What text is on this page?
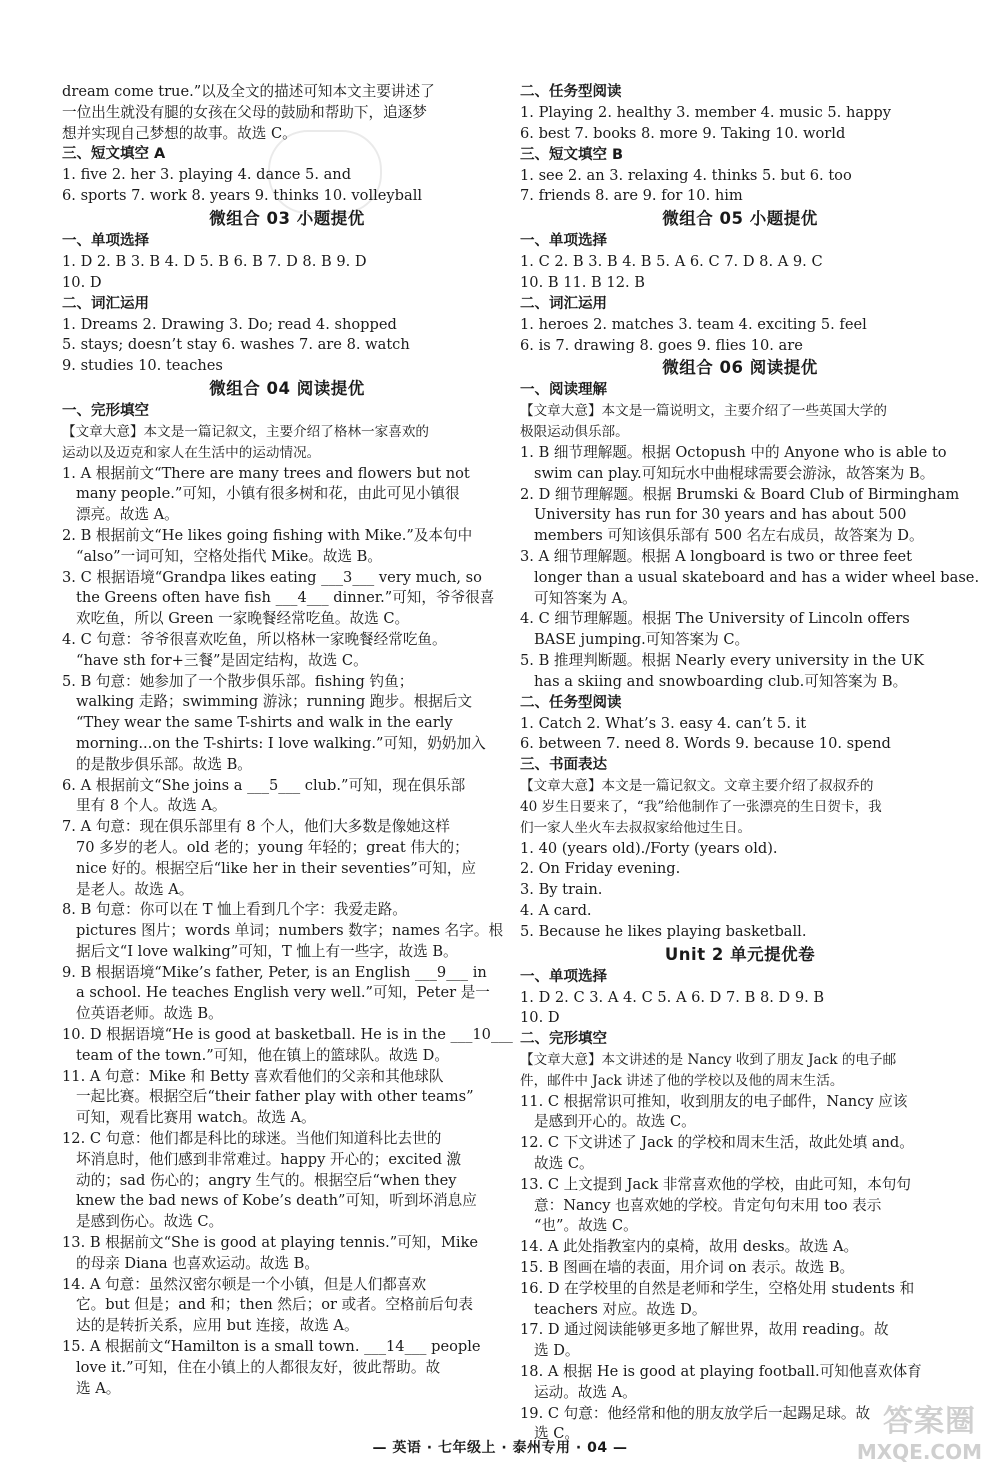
dream come true.”以及全文的描述可知本文主要讲述了
一位出生就没有腿的女孩在父母的鼓励和帮助下，追逐梦
想并实现自己梦想的故事。故选 C。
三、短文填空 A
1. five 2. her 3. playing 4. dance 5. and
6. sports 7. work 8. years 9. thinks 10. volleyball
微组合 03 小题提优
一、单项选择
1. D 2. B 3. B 4. D 5. B 6. B 7. D 8. B 9. D
10. D
二、词汇运用
1. Dreams 2. Drawing 3. Do; read 4. shopped
5. stays; doesn’t stay 6. washes 7. are 8. watch
9. studies 10. teaches
微组合 04 阅读提优
一、完形填空
【文章大意】本文是一篇记叙文，主要介绍了格林一家喜欢的
运动以及迈克和家人在生活中的运动情况。
1. A 根据前文“There are many trees and flowers but not
many people.”可知，小镇有很多树和花，由此可见小镇很
漂亮。故选 A。
2. B 根据前文“He likes going fishing with Mike.”及本句中
“also”一词可知，空格处指代 Mike。故选 B。
3. C 根据语境“Grandpa likes eating ___3___ very much, so
the Greens often have fish ___4___ dinner.”可知，爷爷很喜
欢吃鱼，所以 Green 一家晚餐经常吃鱼。故选 C。
4. C 句意：爷爷很喜欢吃鱼，所以格林一家晚餐经常吃鱼。
“have sth for+三餐”是固定结构，故选 C。
5. B 句意：她参加了一个散步俱乐部。fishing 钓鱼；
walking 走路；swimming 游泳；running 跑步。根据后文
“They wear the same T-shirts and walk in the early
morning...on the T-shirts: I love walking.”可知，奶奶加入
的是散步俱乐部。故选 B。
6. A 根据前文“She joins a ___5___ club.”可知，现在俱乐部
里有 8 个人。故选 A。
7. A 句意：现在俱乐部里有 8 个人，他们大多数是像她这样
70 多岁的老人。old 老的；young 年轻的；great 伟大的；
nice 好的。根据空后“like her in their seventies”可知，应
是老人。故选 A。
8. B 句意：你可以在 T 恤上看到几个字：我爱走路。
pictures 图片；words 单词；numbers 数字；names 名字。根
据后文“I love walking”可知，T 恤上有一些字，故选 B。
9. B 根据语境“Mike’s father, Peter, is an English ___9___ in
a school. He teaches English very well.”可知，Peter 是一
位英语老师。故选 B。
10. D 根据语境“He is good at basketball. He is in the ___10___
team of the town.”可知，他在镇上的篮球队。故选 D。
11. A 句意：Mike 和 Betty 喜欢看他们的父亲和其他球队
一起比赛。根据空后“their father play with other teams”
可知，观看比赛用 watch。故选 A。
12. C 句意：他们都是科比的球迷。当他们知道科比去世的
坏消息时，他们感到非常难过。happy 开心的；excited 激
动的；sad 伤心的；angry 生气的。根据空后“when they
knew the bad news of Kobe’s death”可知，听到坏消息应
是感到伤心。故选 C。
13. B 根据前文“She is good at playing tennis.”可知，Mike
的母亲 Diana 也喜欢运动。故选 B。
14. A 句意：虽然汉密尔顿是一个小镇，但是人们都喜欢
它。but 但是；and 和；then 然后；or 或者。空格前后句表
达的是转折关系，应用 but 连接，故选 A。
15. A 根据前文“Hamilton is a small town. ___14___ people
love it.”可知，住在小镇上的人都很友好，彼此帮助。故
选 A。
二、任务型阅读
1. Playing 2. healthy 3. member 4. music 5. happy
6. best 7. books 8. more 9. Taking 10. world
三、短文填空 B
1. see 2. an 3. relaxing 4. thinks 5. but 6. too
7. friends 8. are 9. for 10. him
微组合 05 小题提优
一、单项选择
1. C 2. B 3. B 4. B 5. A 6. C 7. D 8. A 9. C
10. B 11. B 12. B
二、词汇运用
1. heroes 2. matches 3. team 4. exciting 5. feel
6. is 7. drawing 8. goes 9. flies 10. are
微组合 06 阅读提优
一、阅读理解
【文章大意】本文是一篇说明文，主要介绍了一些英国大学的
极限运动俱乐部。
1. B 细节理解题。根据 Octopush 中的 Anyone who is able to
swim can play.可知玩水中曲棍球需要会游泳，故答案为 B。
2. D 细节理解题。根据 Brumski & Board Club of Birmingham
University has run for 30 years and has about 500
members 可知该俱乐部有 500 名左右成员，故答案为 D。
3. A 细节理解题。根据 A longboard is two or three feet
longer than a usual skateboard and has a wider wheel base.
可知答案为 A。
4. C 细节理解题。根据 The University of Lincoln offers
BASE jumping.可知答案为 C。
5. B 推理判断题。根据 Nearly every university in the UK
has a skiing and snowboarding club.可知答案为 B。
二、任务型阅读
1. Catch 2. What’s 3. easy 4. can’t 5. it
6. between 7. need 8. Words 9. because 10. spend
三、书面表达
【文章大意】本文是一篇记叙文。文章主要介绍了叔叔乔的
40 岁生日要来了，“我”给他制作了一张漂亮的生日贺卡，我
们一家人坐火车去叔叔家给他过生日。
1. 40 (years old)./Forty (years old).
2. On Friday evening.
3. By train.
4. A card.
5. Because he likes playing basketball.
Unit 2 单元提优卷
一、单项选择
1. D 2. C 3. A 4. C 5. A 6. D 7. B 8. D 9. B
10. D
二、完形填空
【文章大意】本文讲述的是 Nancy 收到了朋友 Jack 的电子邮
件，邮件中 Jack 讲述了他的学校以及他的周末生活。
11. C 根据常识可推知，收到朋友的电子邮件，Nancy 应该
是感到开心的。故选 C。
12. C 下文讲述了 Jack 的学校和周末生活，故此处填 and。
故选 C。
13. C 上文提到 Jack 非常喜欢他的学校，由此可知，本句句
意：Nancy 也喜欢她的学校。肯定句句末用 too 表示
“也”。故选 C。
14. A 此处指教室内的桌椅，故用 desks。故选 A。
15. B 图画在墙的表面，用介词 on 表示。故选 B。
16. D 在学校里的自然是老师和学生，空格处用 students 和
teachers 对应。故选 D。
17. D 通过阅读能够更多地了解世界，故用 reading。故
选 D。
18. A 根据 He is good at playing football.可知他喜欢体育
运动。故选 A。
19. C 句意：他经常和他的朋友放学后一起踢足球。故
选 C。
— 英语 · 七年级上 · 泰州专用 · 04 —
答案圈
MXQE.COM
